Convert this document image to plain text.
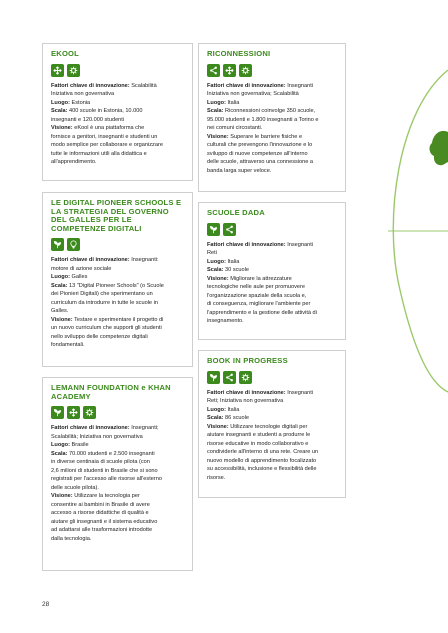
EKOOL

Fattori chiave di innovazione: Scalabilità

Iniziativa non governativa

Luogo: Estonia

Scala: 400 scuole in Estonia, 10.000

insegnanti e 120.000 studenti

Visione: eKool è una piattaforma che

fornisce a genitori, insegnanti e studenti un

modo semplice per collaborare e organizzare

tutte le informazioni utili alla didattica e

all'apprendimento.

RICONNESSIONI

Fattori chiave di innovazione: Insegnanti

Iniziativa non governativa; Scalabilità

Luogo: Italia

Scala: Riconnessioni coinvolge 350 scuole,

95.000 studenti e 1.800 insegnanti a Torino e

nei comuni circostanti.

Visione: Superare le barriere fisiche e

culturali che prevengono l'innovazione e lo

sviluppo di nuove competenze all'interno

delle scuole, attraverso una connessione a

banda larga super veloce.

LE DIGITAL PIONEER SCHOOLS E LA STRATEGIA DEL GOVERNO DEL GALLES PER LE COMPETENZE DIGITALI

Fattori chiave di innovazione: Insegnanti:

motore di azione sociale

Luogo: Galles

Scala: 13 "Digital Pioneer Schools" (o Scuole

dei Pionieri Digitali) che sperimentano un

curriculum da introdurre in tutte le scuole in

Galles.

Visione: Testare e sperimentare il progetto di

un nuovo curriculum che supporti gli studenti

nello sviluppo delle competenze digitali

fondamentali.

SCUOLE DADA

Fattori chiave di innovazione: Insegnanti

Reti

Luogo: Italia

Scala: 30 scuole

Visione: Migliorare la attrezzature

tecnologiche nelle aule per promuovere

l'organizzazione spaziale della scuola e,

di conseguenza, migliorare l'ambiente per

l'apprendimento e la gestione delle attività di

insegnamento.

LEMANN FOUNDATION e KHAN ACADEMY

Fattori chiave di innovazione: Insegnanti;

Scalabilità; Iniziativa non governativa

Luogo: Brasile

Scala: 70.000 studenti e 2.500 insegnanti

in diverse centinaia di scuole pilota (con

2,6 milioni di studenti in Brasile che si sono

registrati per l'accesso alle risorse all'esterno

delle scuole pilota).

Visione: Utilizzare la tecnologia per

consentire ai bambini in Brasile di avere

accesso a risorse didattiche di qualità e

aiutare gli insegnanti e il sistema educativo

ad adattarsi alle trasformazioni introdotte

dalla tecnologia.

BOOK IN PROGRESS

Fattori chiave di innovazione: Insegnanti

Reti; Iniziativa non governativa

Luogo: Italia

Scala: 86 scuole

Visione: Utilizzare tecnologie digitali per

aiutare insegnanti e studenti a produrre le

risorse educative in modo collaborativo e

condividerle all'interno di una rete. Creare un

nuovo modello di apprendimento focalizzato

su accessibilità, inclusione e flessibilità delle

risorse.

28
